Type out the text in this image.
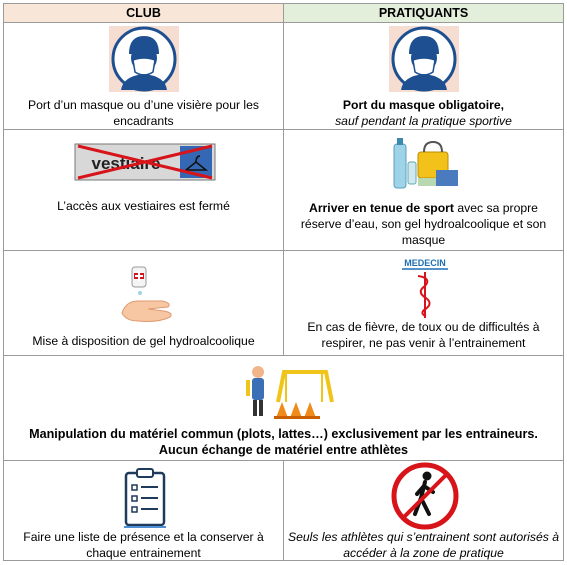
CLUB	PRATIQUANTS
Port d’un masque ou d’une visière pour les encadrants
Port du masque obligatoire,
sauf pendant la pratique sportive
vestiaire
L’accès aux vestiaires est fermé	Arriver en tenue de sport avec sa propre réserve d’eau, son gel hydroalcoolique et son masque
Mise à disposition de gel hydroalcoolique
MEDECIN
En cas de fièvre, de toux ou de difficultés à respirer, ne pas venir à l’entrainement
Manipulation du matériel commun (plots, lattes…) exclusivement par les entraineurs.
Aucun échange de matériel entre athlètes
Faire une liste de présence et la conserver à chaque entrainement
Seuls les athlètes qui s’entrainent sont autorisés à accéder à la zone de pratique
